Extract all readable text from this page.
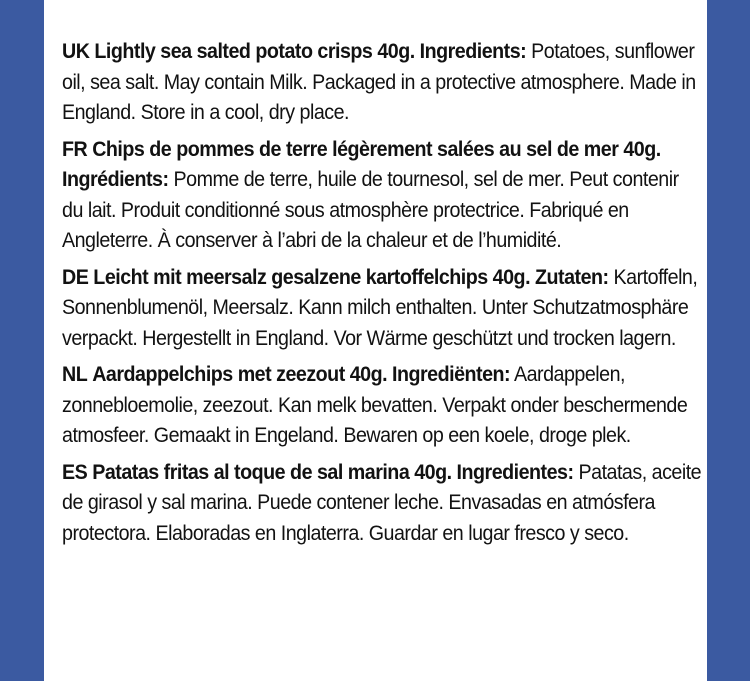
UK Lightly sea salted potato crisps 40g. Ingredients: Potatoes, sunflower oil, sea salt. May contain Milk. Packaged in a protective atmosphere. Made in England. Store in a cool, dry place.
FR Chips de pommes de terre légèrement salées au sel de mer 40g. Ingrédients: Pomme de terre, huile de tournesol, sel de mer. Peut contenir du lait. Produit conditionné sous atmosphère protectrice. Fabriqué en Angleterre. À conserver à l’abri de la chaleur et de l’humidité.
DE Leicht mit meersalz gesalzene kartoffelchips 40g. Zutaten: Kartoffeln, Sonnenblumenöl, Meersalz. Kann milch enthalten. Unter Schutzatmosphäre verpackt. Hergestellt in England. Vor Wärme geschützt und trocken lagern.
NL Aardappelchips met zeezout 40g. Ingrediënten: Aardappelen, zonnebloemolie, zeezout. Kan melk bevatten. Verpakt onder beschermende atmosfeer. Gemaakt in Engeland. Bewaren op een koele, droge plek.
ES Patatas fritas al toque de sal marina 40g. Ingredientes: Patatas, aceite de girasol y sal marina. Puede contener leche. Envasadas en atmósfera protectora. Elaboradas en Inglaterra. Guardar en lugar fresco y seco.
